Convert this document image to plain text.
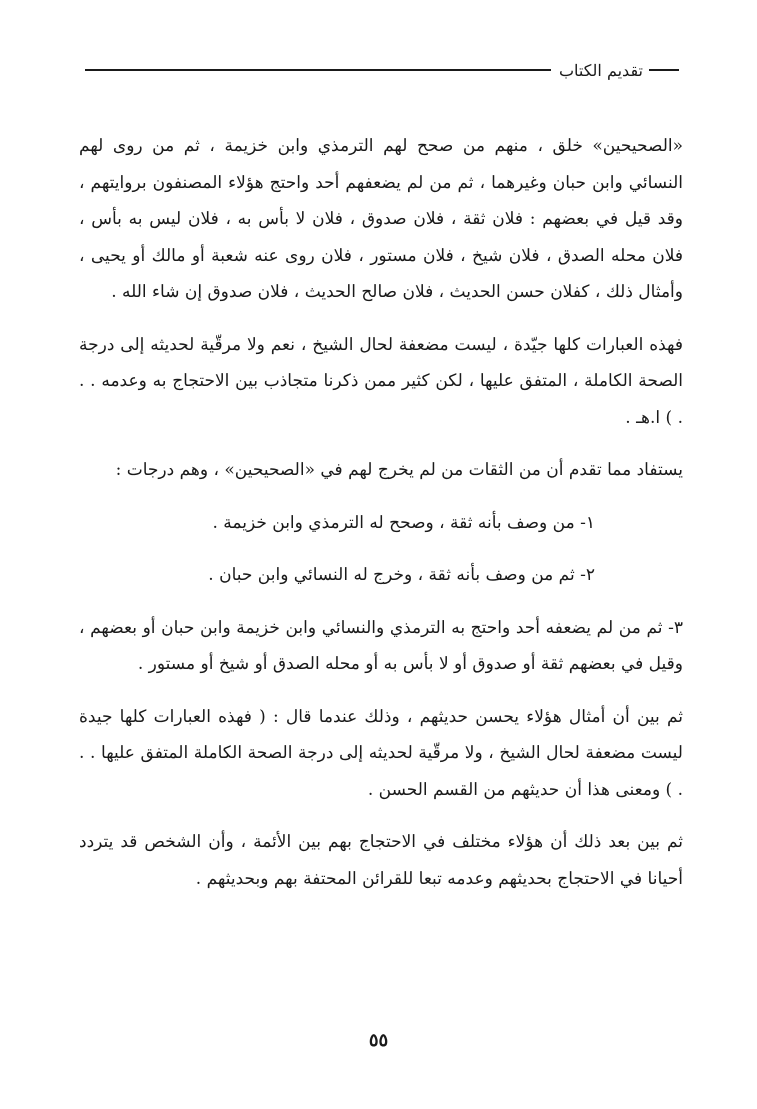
تقديم الكتاب

«الصحيحين» خلق ، منهم من صحح لهم الترمذي وابن خزيمة ، ثم من روى لهم النسائي وابن حبان وغيرهما ، ثم من لم يضعفهم أحد واحتج هؤلاء المصنفون بروايتهم ، وقد قيل في بعضهم : فلان ثقة ، فلان صدوق ، فلان لا بأس به ، فلان ليس به بأس ، فلان محله الصدق ، فلان شيخ ، فلان مستور ، فلان روى عنه شعبة أو مالك أو يحيى ، وأمثال ذلك ، كفلان حسن الحديث ، فلان صالح الحديث ، فلان صدوق إن شاء الله .

فهذه العبارات كلها جيّدة ، ليست مضعفة لحال الشيخ ، نعم ولا مرقّية لحديثه إلى درجة الصحة الكاملة ، المتفق عليها ، لكن كثير ممن ذكرنا متجاذب بين الاحتجاج به وعدمه . . . ) ا.هـ .

يستفاد مما تقدم أن من الثقات من لم يخرج لهم في «الصحيحين» ، وهم درجات :

١- من وصف بأنه ثقة ، وصحح له الترمذي وابن خزيمة .

٢- ثم من وصف بأنه ثقة ، وخرج له النسائي وابن حبان .

٣- ثم من لم يضعفه أحد واحتج به الترمذي والنسائي وابن خزيمة وابن حبان أو بعضهم ، وقيل في بعضهم ثقة أو صدوق أو لا بأس به أو محله الصدق أو شيخ أو مستور .

ثم بين أن أمثال هؤلاء يحسن حديثهم ، وذلك عندما قال : ( فهذه العبارات كلها جيدة ليست مضعفة لحال الشيخ ، ولا مرقّية لحديثه إلى درجة الصحة الكاملة المتفق عليها . . . ) ومعنى هذا أن حديثهم من القسم الحسن .

ثم بين بعد ذلك أن هؤلاء مختلف في الاحتجاج بهم بين الأئمة ، وأن الشخص قد يتردد أحيانا في الاحتجاج بحديثهم وعدمه تبعا للقرائن المحتفة بهم وبحديثهم .

٥٥
